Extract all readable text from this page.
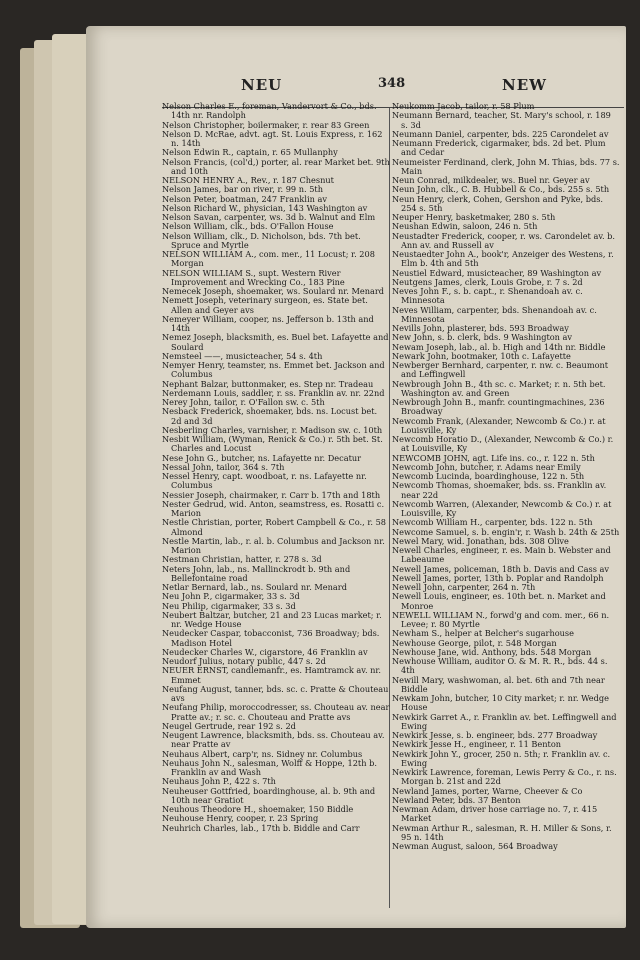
NEU	348	NEW
Nelson Charles E., foreman, Vandervort & Co., bds. 14th nr. Randolph
Nelson Christopher, boilermaker, r. rear 83 Green
Nelson D. McRae, advt. agt. St. Louis Express, r. 162 n. 14th
Nelson Edwin R., captain, r. 65 Mullanphy
Nelson Francis, (col'd,) porter, al. rear Market bet. 9th and 10th
NELSON HENRY A., Rev., r. 187 Chesnut
Nelson James, bar on river, r. 99 n. 5th
Nelson Peter, boatman, 247 Franklin av
Nelson Richard W., physician, 143 Washington av
Nelson Savan, carpenter, ws. 3d b. Walnut and Elm
Nelson William, clk., bds. O'Fallon House
Nelson William, clk., D. Nicholson, bds. 7th bet. Spruce and Myrtle
NELSON WILLIAM A., com. mer., 11 Locust; r. 208 Morgan
NELSON WILLIAM S., supt. Western River Improvement and Wrecking Co., 183 Pine
Nemecek Joseph, shoemaker, ws. Soulard nr. Menard
Nemett Joseph, veterinary surgeon, es. State bet. Allen and Geyer avs
Nemeyer William, cooper, ns. Jefferson b. 13th and 14th
Nemez Joseph, blacksmith, es. Buel bet. Lafayette and Soulard
Nemsteel ——, musicteacher, 54 s. 4th
Nemyer Henry, teamster, ns. Emmet bet. Jackson and Columbus
Nephant Balzar, buttonmaker, es. Step nr. Tradeau
Nerdemann Louis, saddler, r. ss. Franklin av. nr. 22nd
Nerey John, tailor, r. O'Fallon sw. c. 5th
Nesback Frederick, shoemaker, bds. ns. Locust bet. 2d and 3d
Nesberling Charles, varnisher, r. Madison sw. c. 10th
Nesbit William, (Wyman, Renick & Co.) r. 5th bet. St. Charles and Locust
Nese John G., butcher, ns. Lafayette nr. Decatur
Nessal John, tailor, 364 s. 7th
Nessel Henry, capt. woodboat, r. ns. Lafayette nr. Columbus
Nessier Joseph, chairmaker, r. Carr b. 17th and 18th
Nester Gedrud, wid. Anton, seamstress, es. Rosatti c. Marion
Nestle Christian, porter, Robert Campbell & Co., r. 58 Almond
Nestle Martin, lab., r. al. b. Columbus and Jackson nr. Marion
Nestman Christian, hatter, r. 278 s. 3d
Neters John, lab., ns. Mallinckrodt b. 9th and Bellefontaine road
Netlar Bernard, lab., ns. Soulard nr. Menard
Neu John P., cigarmaker, 33 s. 3d
Neu Philip, cigarmaker, 33 s. 3d
Neubert Baltzar, butcher, 21 and 23 Lucas market; r. nr. Wedge House
Neudecker Caspar, tobacconist, 736 Broadway; bds. Madison Hotel
Neudecker Charles W., cigarstore, 46 Franklin av
Neudorf Julius, notary public, 447 s. 2d
NEUER ERNST, candlemanfr., es. Hamtramck av. nr. Emmet
Neufang August, tanner, bds. sc. c. Pratte & Chouteau avs
Neufang Philip, moroccodresser, ss. Chouteau av. near Pratte av.; r. sc. c. Chouteau and Pratte avs
Neugel Gertrude, rear 192 s. 2d
Neugent Lawrence, blacksmith, bds. ss. Chouteau av. near Pratte av
Neuhaus Albert, carp'r, ns. Sidney nr. Columbus
Neuhaus John N., salesman, Wolff & Hoppe, 12th b. Franklin av and Wash
Neuhaus John P., 422 s. 7th
Neuheuser Gottfried, boardinghouse, al. b. 9th and 10th near Gratiot
Neuhous Theodore H., shoemaker, 150 Biddle
Neuhouse Henry, cooper, r. 23 Spring
Neuhrich Charles, lab., 17th b. Biddle and Carr
Neukomm Jacob, tailor, r. 58 Plum
Neumann Bernard, teacher, St. Mary's school, r. 189 s. 3d
Neumann Daniel, carpenter, bds. 225 Carondelet av
Neumann Frederick, cigarmaker, bds. 2d bet. Plum and Cedar
Neumeister Ferdinand, clerk, John M. Thias, bds. 77 s. Main
Neun Conrad, milkdealer, ws. Buel nr. Geyer av
Neun John, clk., C. B. Hubbell & Co., bds. 255 s. 5th
Neun Henry, clerk, Cohen, Gershon and Pyke, bds. 254 s. 5th
Neuper Henry, basketmaker, 280 s. 5th
Neushan Edwin, saloon, 246 n. 5th
Neustadter Frederick, cooper, r. ws. Carondelet av. b. Ann av. and Russell av
Neustaedter John A., book'r, Anzeiger des Westens, r. Elm b. 4th and 5th
Neustiel Edward, musicteacher, 89 Washington av
Neutgens James, clerk, Louis Grobe, r. 7 s. 2d
Neves John F., s. b. capt., r. Shenandoah av. c. Minnesota
Neves William, carpenter, bds. Shenandoah av. c. Minnesota
Nevills John, plasterer, bds. 593 Broadway
New John, s. b. clerk, bds. 9 Washington av
Newam Joseph, lab., al. b. High and 14th nr. Biddle
Newark John, bootmaker, 10th c. Lafayette
Newberger Bernhard, carpenter, r. nw. c. Beaumont and Leffingwell
Newbrough John B., 4th sc. c. Market; r. n. 5th bet. Washington av. and Green
Newbrough John B., manfr. countingmachines, 236 Broadway
Newcomb Frank, (Alexander, Newcomb & Co.) r. at Louisville, Ky
Newcomb Horatio D., (Alexander, Newcomb & Co.) r. at Louisville, Ky
NEWCOMB JOHN, agt. Life ins. co., r. 122 n. 5th
Newcomb John, butcher, r. Adams near Emily
Newcomb Lucinda, boardinghouse, 122 n. 5th
Newcomb Thomas, shoemaker, bds. ss. Franklin av. near 22d
Newcomb Warren, (Alexander, Newcomb & Co.) r. at Louisville, Ky
Newcomb William H., carpenter, bds. 122 n. 5th
Newcome Samuel, s. b. engin'r, r. Wash b. 24th & 25th
Newel Mary, wid. Jonathan, bds. 308 Olive
Newell Charles, engineer, r. es. Main b. Webster and Labeaume
Newell James, policeman, 18th b. Davis and Cass av
Newell James, porter, 13th b. Poplar and Randolph
Newell John, carpenter, 264 n. 7th
Newell Louis, engineer, es. 10th bet. n. Market and Monroe
NEWELL WILLIAM N., forwd'g and com. mer., 66 n. Levee; r. 80 Myrtle
Newham S., helper at Belcher's sugarhouse
Newhouse George, pilot, r. 548 Morgan
Newhouse Jane, wid. Anthony, bds. 548 Morgan
Newhouse William, auditor O. & M. R. R., bds. 44 s. 4th
Newill Mary, washwoman, al. bet. 6th and 7th near Biddle
Newkam John, butcher, 10 City market; r. nr. Wedge House
Newkirk Garret A., r. Franklin av. bet. Leffingwell and Ewing
Newkirk Jesse, s. b. engineer, bds. 277 Broadway
Newkirk Jesse H., engineer, r. 11 Benton
Newkirk John Y., grocer, 250 n. 5th; r. Franklin av. c. Ewing
Newkirk Lawrence, foreman, Lewis Perry & Co., r. ns. Morgan b. 21st and 22d
Newland James, porter, Warne, Cheever & Co
Newland Peter, bds. 37 Benton
Newman Adam, driver hose carriage no. 7, r. 415 Market
Newman Arthur R., salesman, R. H. Miller & Sons, r. 95 n. 14th
Newman August, saloon, 564 Broadway
